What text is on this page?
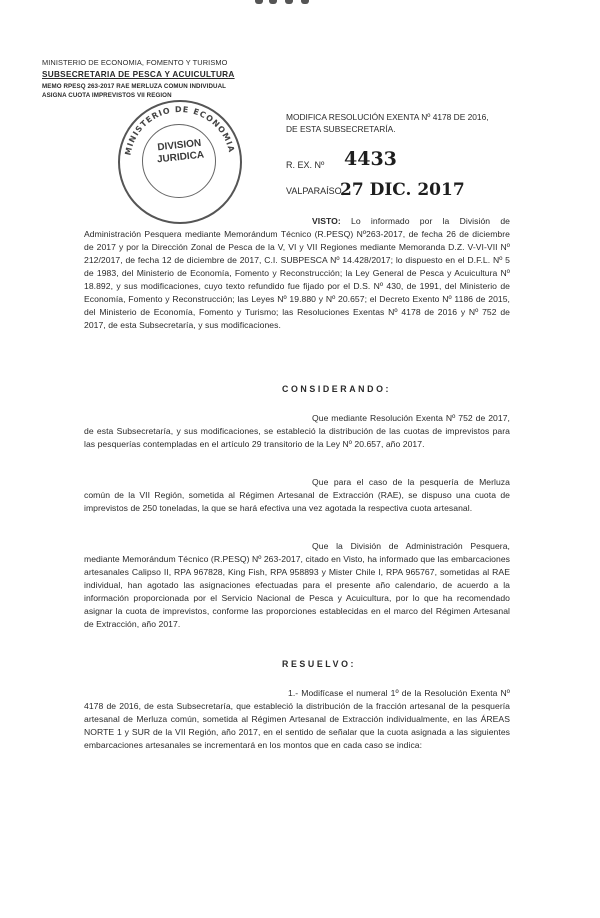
MINISTERIO DE ECONOMIA, FOMENTO Y TURISMO
SUBSECRETARIA DE PESCA Y ACUICULTURA
MEMO RPESQ 263-2017 RAE MERLUZA COMUN INDIVIDUAL
ASIGNA CUOTA IMPREVISTOS VII REGION
MINISTERIO DE ECONOMIA
DIVISION
JURIDICA
MODIFICA RESOLUCIÓN EXENTA Nº 4178 DE 2016,
DE ESTA SUBSECRETARÍA.
R. EX. Nº 4433
VALPARAÍSO,
27 DIC. 2017
VISTO: Lo informado por la División de Administración Pesquera mediante Memorándum Técnico (R.PESQ) Nº263-2017, de fecha 26 de diciembre de 2017 y por la Dirección Zonal de Pesca de la V, VI y VII Regiones mediante Memoranda D.Z. V-VI-VII Nº 212/2017, de fecha 12 de diciembre de 2017, C.I. SUBPESCA Nº 14.428/2017; lo dispuesto en el D.F.L. Nº 5 de 1983, del Ministerio de Economía, Fomento y Reconstrucción; la Ley General de Pesca y Acuicultura Nº 18.892, y sus modificaciones, cuyo texto refundido fue fijado por el D.S. Nº 430, de 1991, del Ministerio de Economía, Fomento y Reconstrucción; las Leyes Nº 19.880 y Nº 20.657; el Decreto Exento Nº 1186 de 2015, del Ministerio de Economía, Fomento y Turismo; las Resoluciones Exentas Nº 4178 de 2016 y Nº 752 de 2017, de esta Subsecretaría, y sus modificaciones.
CONSIDERANDO:
Que mediante Resolución Exenta Nº 752 de 2017, de esta Subsecretaría, y sus modificaciones, se estableció la distribución de las cuotas de imprevistos para las pesquerías contempladas en el artículo 29 transitorio de la Ley Nº 20.657, año 2017.
Que para el caso de la pesquería de Merluza común de la VII Región, sometida al Régimen Artesanal de Extracción (RAE), se dispuso una cuota de imprevistos de 250 toneladas, la que se hará efectiva una vez agotada la respectiva cuota artesanal.
Que la División de Administración Pesquera, mediante Memorándum Técnico (R.PESQ) Nº 263-2017, citado en Visto, ha informado que las embarcaciones artesanales Calipso II, RPA 967828, King Fish, RPA 958893 y Mister Chile I, RPA 965767, sometidas al RAE individual, han agotado las asignaciones efectuadas para el presente año calendario, de acuerdo a la información proporcionada por el Servicio Nacional de Pesca y Acuicultura, por lo que ha recomendado asignar la cuota de imprevistos, conforme las proporciones establecidas en el marco del Régimen Artesanal de Extracción, año 2017.
RESUELVO:
1.- Modifícase el numeral 1º de la Resolución Exenta Nº 4178 de 2016, de esta Subsecretaría, que estableció la distribución de la fracción artesanal de la pesquería artesanal de Merluza común, sometida al Régimen Artesanal de Extracción individualmente, en las ÁREAS NORTE 1 y SUR de la VII Región, año 2017, en el sentido de señalar que la cuota asignada a las siguientes embarcaciones artesanales se incrementará en los montos que en cada caso se indica:
